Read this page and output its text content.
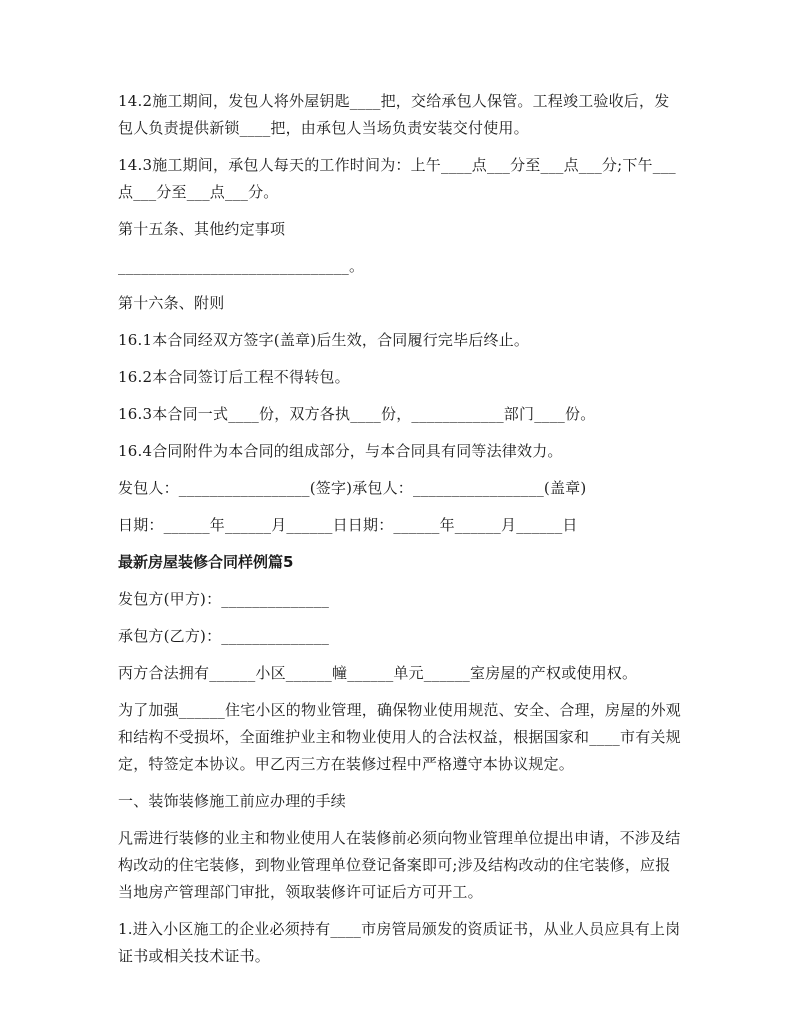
14.2施工期间，发包人将外屋钥匙____把，交给承包人保管。工程竣工验收后，发包人负责提供新锁____把，由承包人当场负责安装交付使用。

14.3施工期间，承包人每天的工作时间为：上午____点___分至___点___分;下午___点___分至___点___分。

第十五条、其他约定事项

______________________________。

第十六条、附则

16.1本合同经双方签字(盖章)后生效，合同履行完毕后终止。

16.2本合同签订后工程不得转包。

16.3本合同一式____份，双方各执____份，____________部门____份。

16.4合同附件为本合同的组成部分，与本合同具有同等法律效力。

发包人：_________________(签字)承包人：_________________(盖章)

日期：______年______月______日日期：______年______月______日

最新房屋装修合同样例篇5

发包方(甲方)：______________

承包方(乙方)：______________

丙方合法拥有______小区______幢______单元______室房屋的产权或使用权。

为了加强______住宅小区的物业管理，确保物业使用规范、安全、合理，房屋的外观和结构不受损坏，全面维护业主和物业使用人的合法权益，根据国家和____市有关规定，特签定本协议。甲乙丙三方在装修过程中严格遵守本协议规定。

一、装饰装修施工前应办理的手续

凡需进行装修的业主和物业使用人在装修前必须向物业管理单位提出申请，不涉及结构改动的住宅装修，到物业管理单位登记备案即可;涉及结构改动的住宅装修，应报当地房产管理部门审批，领取装修许可证后方可开工。

1.进入小区施工的企业必须持有____市房管局颁发的资质证书，从业人员应具有上岗证书或相关技术证书。
